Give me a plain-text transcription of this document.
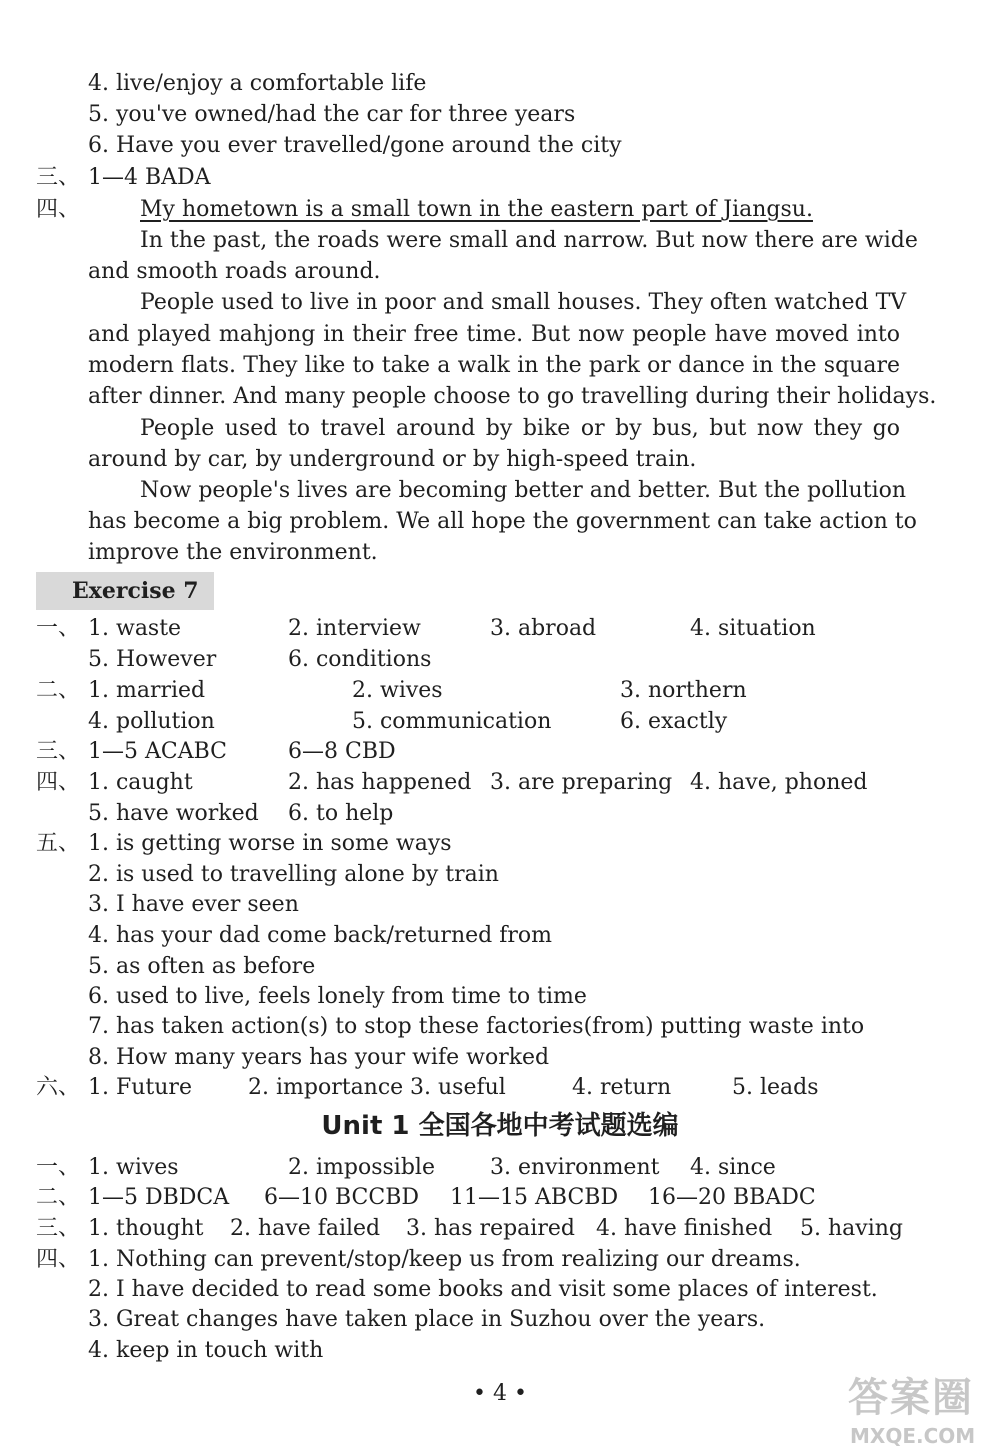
4. live/enjoy a comfortable life
5. you've owned/had the car for three years
6. Have you ever travelled/gone around the city
三、 1—4 BADA
四、	My hometown is a small town in the eastern part of Jiangsu.
In the past, the roads were small and narrow. But now there are wide
and smooth roads around.
People used to live in poor and small houses. They often watched TV
and played mahjong in their free time. But now people have moved into
modern flats. They like to take a walk in the park or dance in the square
after dinner. And many people choose to go travelling during their holidays.
People used to travel around by bike or by bus, but now they go
around by car, by underground or by high-speed train.
Now people's lives are becoming better and better. But the pollution
has become a big problem. We all hope the government can take action to
improve the environment.
Exercise 7
一、 1. waste	2. interview	3. abroad	4. situation
5. However	6. conditions
二、 1. married	2. wives	3. northern
4. pollution	5. communication	6. exactly
三、 1—5 ACABC	6—8 CBD
四、 1. caught	2. has happened 3. are preparing 4. have, phoned
5. have worked 6. to help
五、 1. is getting worse in some ways
2. is used to travelling alone by train
3. I have ever seen
4. has your dad come back/returned from
5. as often as before
6. used to live, feels lonely from time to time
7. has taken action(s) to stop these factories(from) putting waste into
8. How many years has your wife worked
六、 1. Future	2. importance 3. useful	4. return	5. leads
Unit 1 全国各地中考试题选编
一、 1. wives	2. impossible	3. environment 4. since
二、 1—5 DBDCA 6—10 BCCBD 11—15 ABCBD 16—20 BBADC
三、 1. thought 2. have failed 3. has repaired 4. have finished 5. having
四、 1. Nothing can prevent/stop/keep us from realizing our dreams.
2. I have decided to read some books and visit some places of interest.
3. Great changes have taken place in Suzhou over the years.
4. keep in touch with
• 4 •	答案圈
MXQE.COM
